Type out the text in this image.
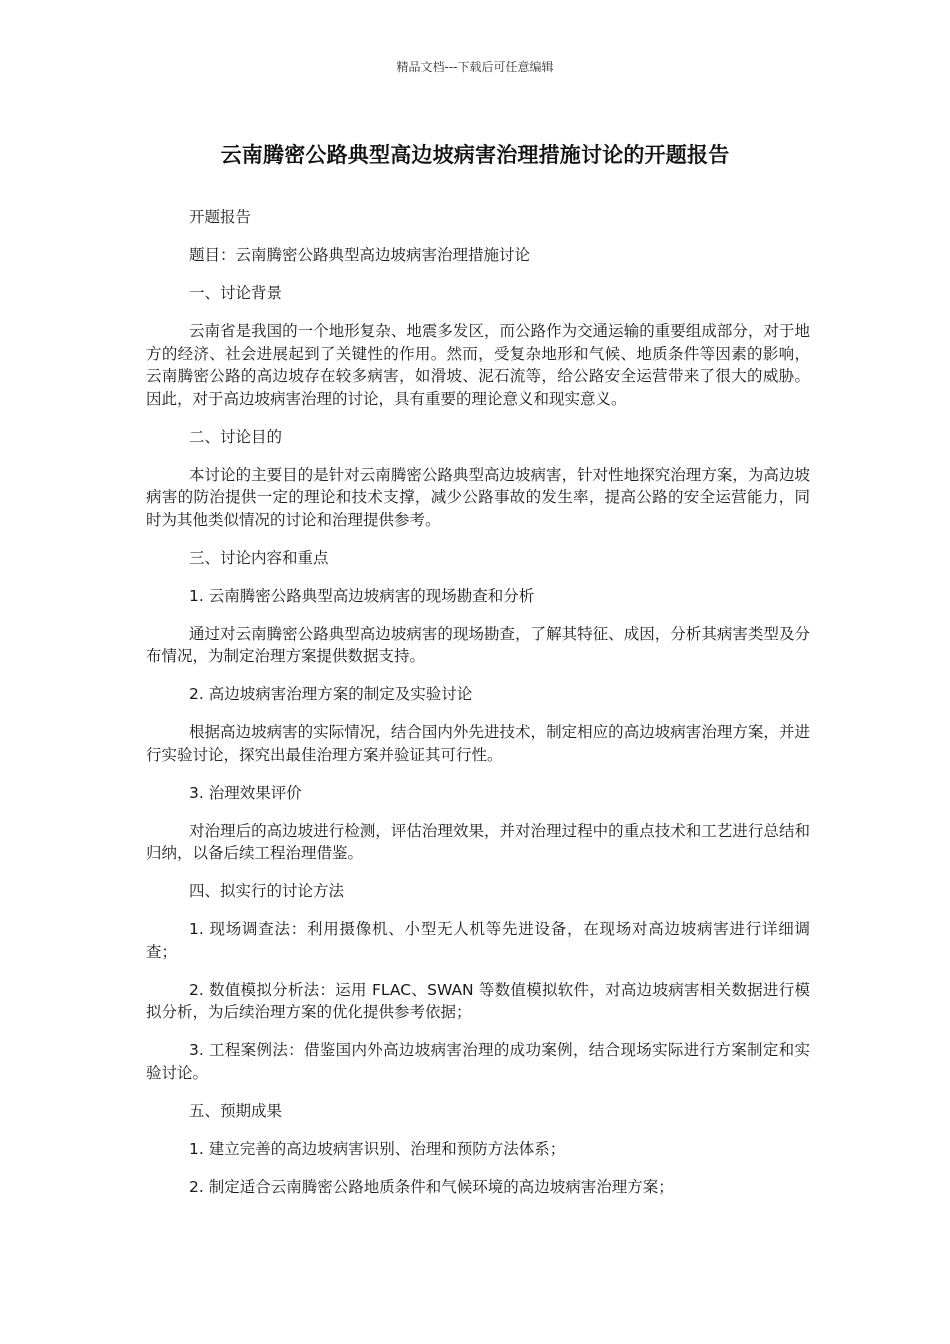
精品文档---下载后可任意编辑
云南腾密公路典型高边坡病害治理措施讨论的开题报告

开题报告

题目：云南腾密公路典型高边坡病害治理措施讨论

一、讨论背景

云南省是我国的一个地形复杂、地震多发区，而公路作为交通运输的重要组成部分，对于地方的经济、社会进展起到了关键性的作用。然而，受复杂地形和气候、地质条件等因素的影响，云南腾密公路的高边坡存在较多病害，如滑坡、泥石流等，给公路安全运营带来了很大的威胁。因此，对于高边坡病害治理的讨论，具有重要的理论意义和现实意义。

二、讨论目的

本讨论的主要目的是针对云南腾密公路典型高边坡病害，针对性地探究治理方案，为高边坡病害的防治提供一定的理论和技术支撑，减少公路事故的发生率，提高公路的安全运营能力，同时为其他类似情况的讨论和治理提供参考。

三、讨论内容和重点

1. 云南腾密公路典型高边坡病害的现场勘查和分析

通过对云南腾密公路典型高边坡病害的现场勘查，了解其特征、成因，分析其病害类型及分布情况，为制定治理方案提供数据支持。

2. 高边坡病害治理方案的制定及实验讨论

根据高边坡病害的实际情况，结合国内外先进技术，制定相应的高边坡病害治理方案，并进行实验讨论，探究出最佳治理方案并验证其可行性。

3. 治理效果评价

对治理后的高边坡进行检测，评估治理效果，并对治理过程中的重点技术和工艺进行总结和归纳，以备后续工程治理借鉴。

四、拟实行的讨论方法

1. 现场调查法：利用摄像机、小型无人机等先进设备，在现场对高边坡病害进行详细调查；

2. 数值模拟分析法：运用 FLAC、SWAN 等数值模拟软件，对高边坡病害相关数据进行模拟分析，为后续治理方案的优化提供参考依据；

3. 工程案例法：借鉴国内外高边坡病害治理的成功案例，结合现场实际进行方案制定和实验讨论。

五、预期成果

1. 建立完善的高边坡病害识别、治理和预防方法体系；

2. 制定适合云南腾密公路地质条件和气候环境的高边坡病害治理方案；
